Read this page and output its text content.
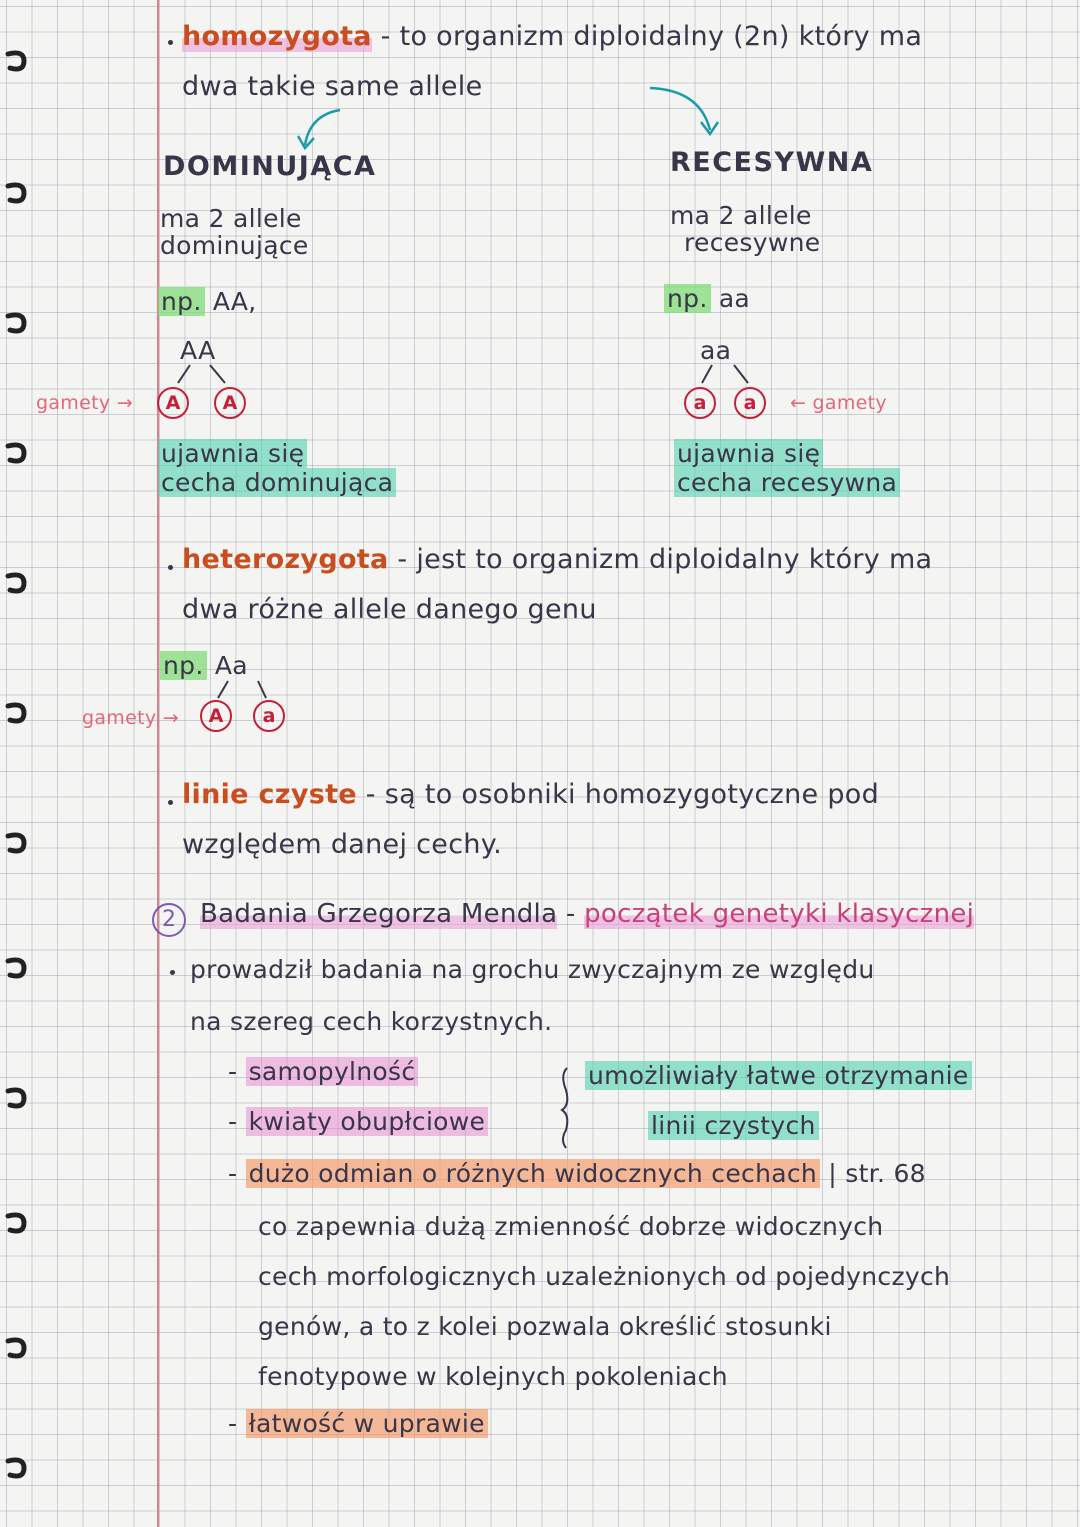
homozygota - to organizm diploidalny (2n) który ma
dwa takie same allele
DOMINUJĄCA
ma 2 allele
dominujące
np. AA,
AA
gamety →	A	A
ujawnia się
cecha dominująca
RECESYWNA
ma 2 allele
recesywne
np. aa
aa
a	a	← gamety
ujawnia się
cecha recesywna
heterozygota - jest to organizm diploidalny który ma
dwa różne allele danego genu
np. Aa
gamety →	A	a
linie czyste - są to osobniki homozygotyczne pod
względem danej cechy.
2 Badania Grzegorza Mendla - początek genetyki klasycznej
prowadził badania na grochu zwyczajnym ze względu
na szereg cech korzystnych.
- samopylność
- kwiaty obupłciowe
umożliwiały łatwe otrzymanie
linii czystych
- dużo odmian o różnych widocznych cechach | str. 68
co zapewnia dużą zmienność dobrze widocznych
cech morfologicznych uzależnionych od pojedynczych
genów, a to z kolei pozwala określić stosunki
fenotypowe w kolejnych pokoleniach
- łatwość w uprawie
